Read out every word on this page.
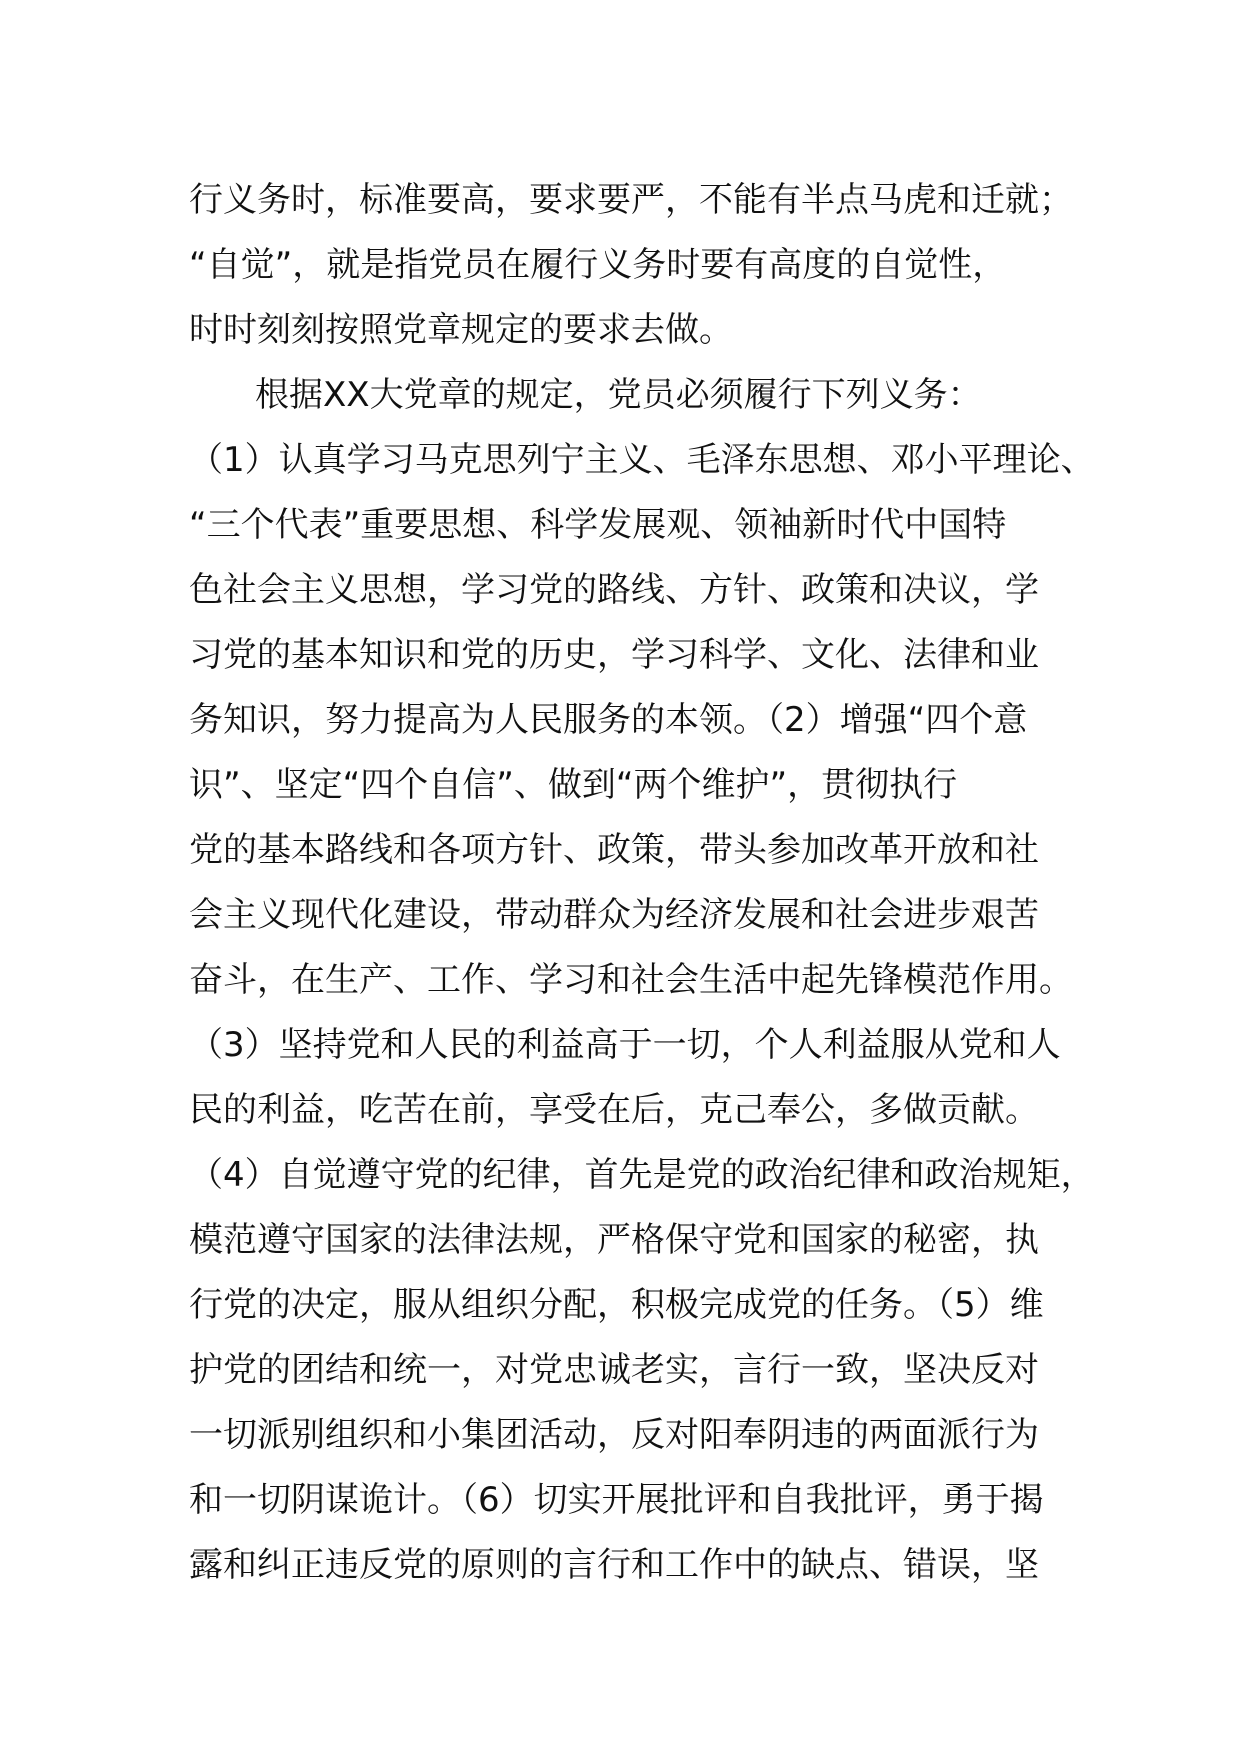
行义务时，标准要高，要求要严，不能有半点马虎和迁就；
“自觉”，就是指党员在履行义务时要有高度的自觉性，
时时刻刻按照党章规定的要求去做。
根据XX大党章的规定，党员必须履行下列义务：
（1）认真学习马克思列宁主义、毛泽东思想、邓小平理论、
“三个代表”重要思想、科学发展观、领袖新时代中国特
色社会主义思想，学习党的路线、方针、政策和决议，学
习党的基本知识和党的历史，学习科学、文化、法律和业
务知识，努力提高为人民服务的本领。（2）增强“四个意
识”、坚定“四个自信”、做到“两个维护”，贯彻执行
党的基本路线和各项方针、政策，带头参加改革开放和社
会主义现代化建设，带动群众为经济发展和社会进步艰苦
奋斗，在生产、工作、学习和社会生活中起先锋模范作用。
（3）坚持党和人民的利益高于一切，个人利益服从党和人
民的利益，吃苦在前，享受在后，克己奉公，多做贡献。
（4）自觉遵守党的纪律，首先是党的政治纪律和政治规矩，
模范遵守国家的法律法规，严格保守党和国家的秘密，执
行党的决定，服从组织分配，积极完成党的任务。（5）维
护党的团结和统一，对党忠诚老实，言行一致，坚决反对
一切派别组织和小集团活动，反对阳奉阴违的两面派行为
和一切阴谋诡计。（6）切实开展批评和自我批评，勇于揭
露和纠正违反党的原则的言行和工作中的缺点、错误，坚
